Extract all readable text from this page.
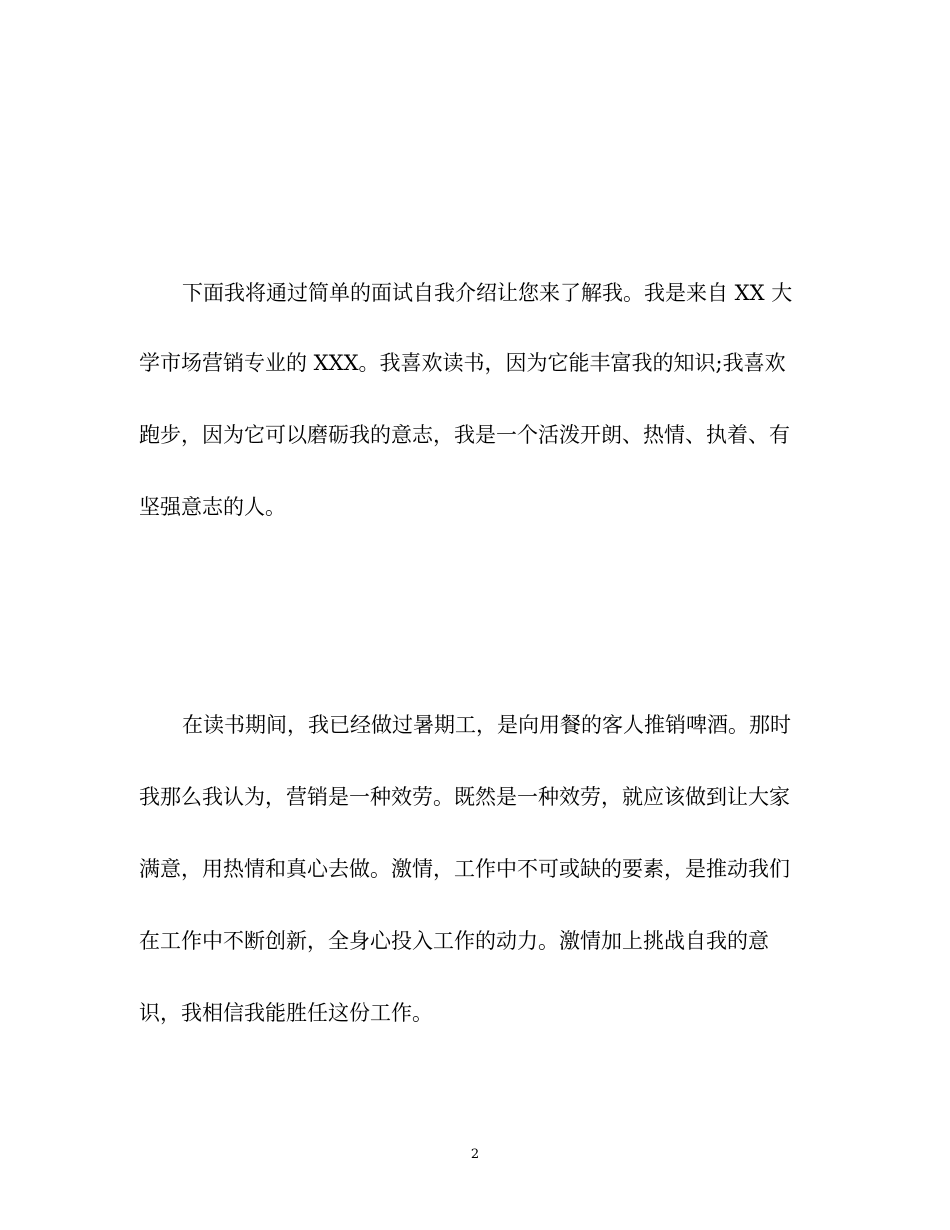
下面我将通过简单的面试自我介绍让您来了解我。我是来自 XX 大
学市场营销专业的 XXX。我喜欢读书，因为它能丰富我的知识;我喜欢
跑步，因为它可以磨砺我的意志，我是一个活泼开朗、热情、执着、有
坚强意志的人。
在读书期间，我已经做过暑期工，是向用餐的客人推销啤酒。那时
我那么我认为，营销是一种效劳。既然是一种效劳，就应该做到让大家
满意，用热情和真心去做。激情，工作中不可或缺的要素，是推动我们
在工作中不断创新，全身心投入工作的动力。激情加上挑战自我的意
识，我相信我能胜任这份工作。
2
